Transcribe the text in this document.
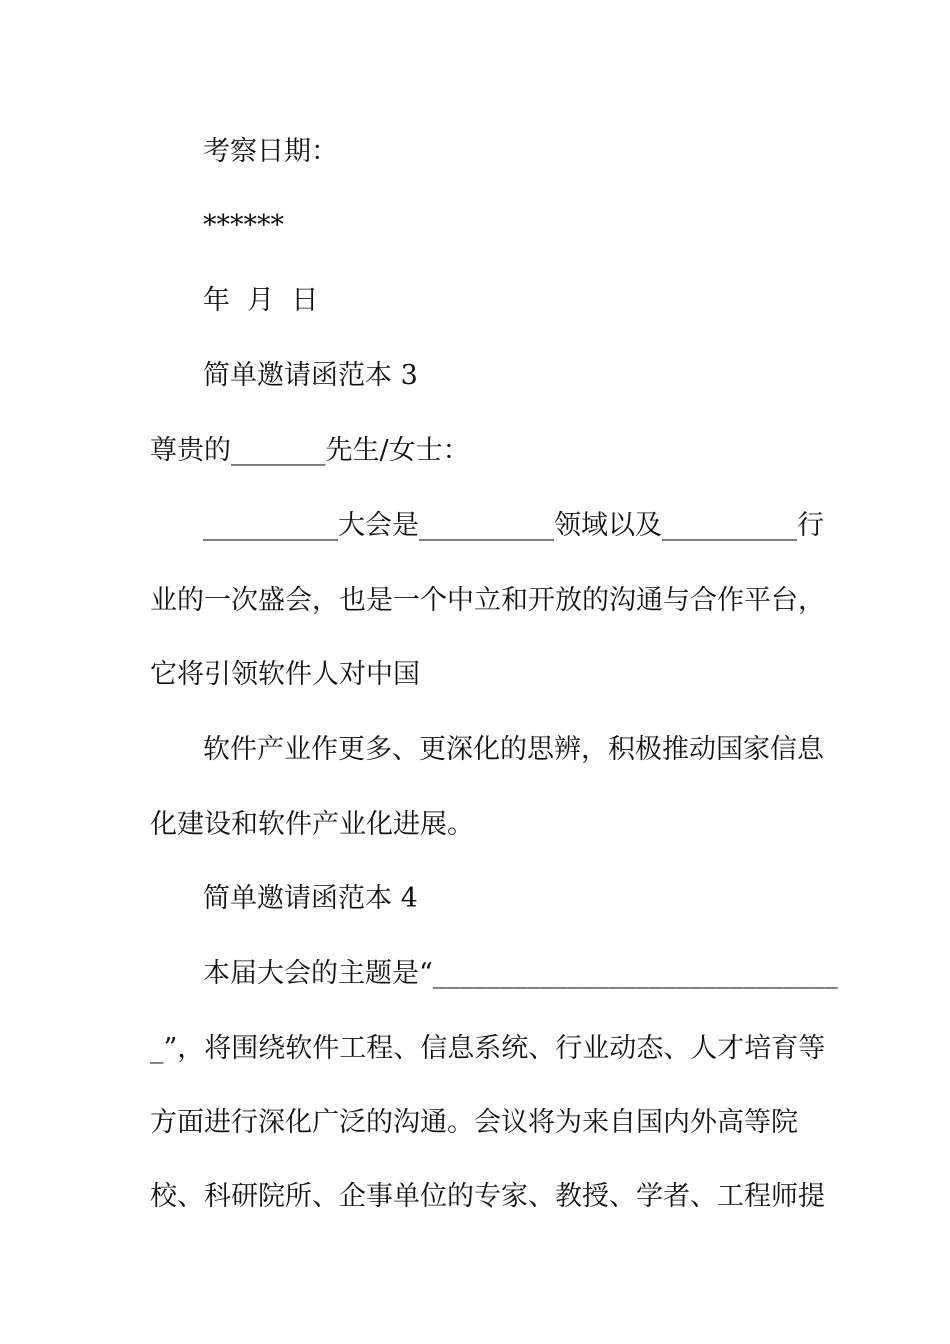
考察日期：
******
年  月  日
简单邀请函范本 3
尊贵的_______先生/女士：
__________大会是__________领域以及__________行
业的一次盛会，也是一个中立和开放的沟通与合作平台，
它将引领软件人对中国
软件产业作更多、更深化的思辨，积极推动国家信息
化建设和软件产业化进展。
简单邀请函范本 4
本届大会的主题是“______________________________
_”，将围绕软件工程、信息系统、行业动态、人才培育等
方面进行深化广泛的沟通。会议将为来自国内外高等院
校、科研院所、企事单位的专家、教授、学者、工程师提
